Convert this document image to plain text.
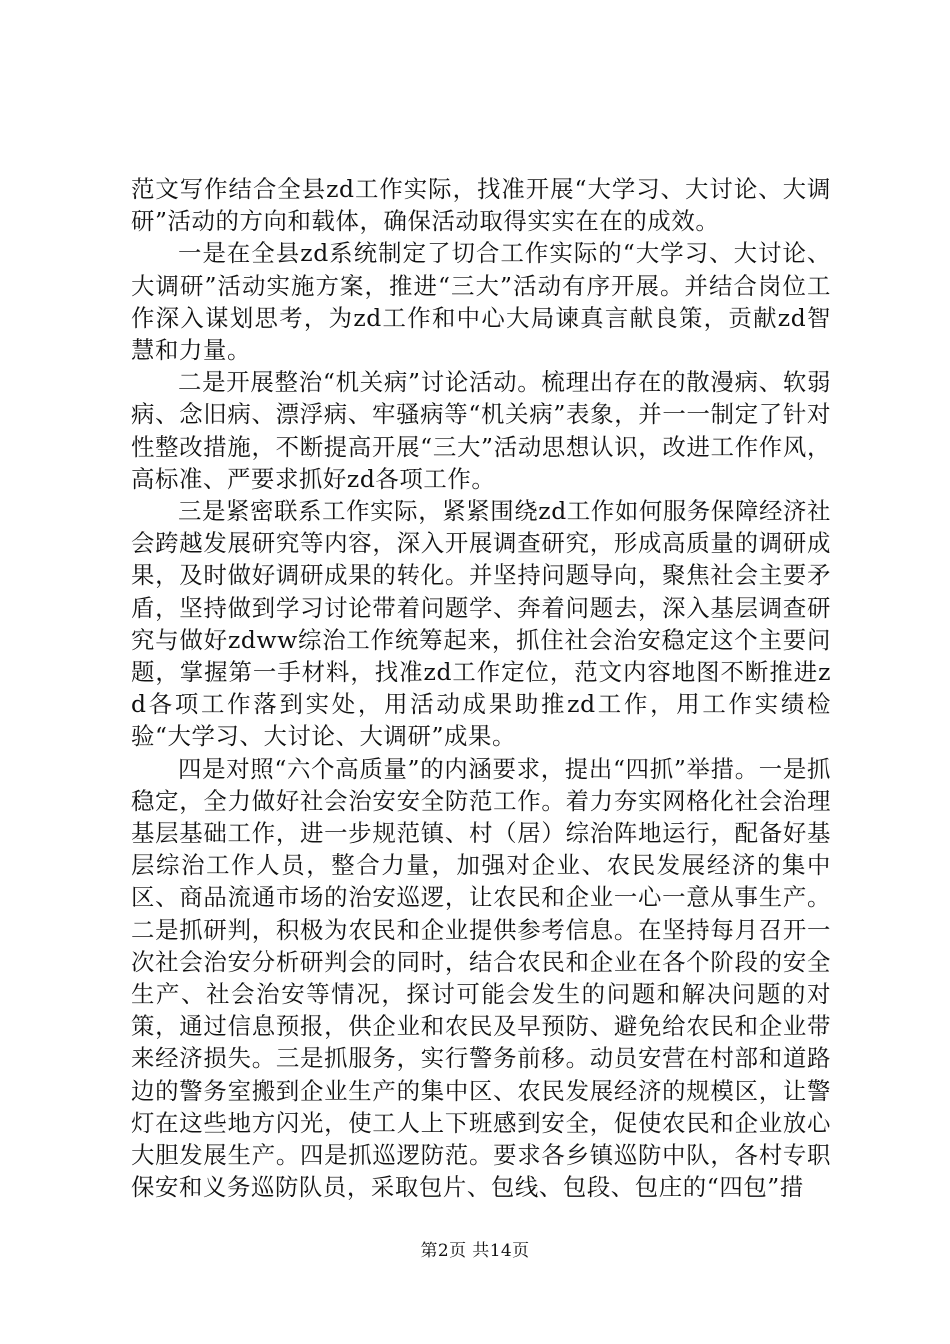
范文写作结合全县zd工作实际，找准开展“大学习、大讨论、大调研”活动的方向和载体，确保活动取得实实在在的成效。

一是在全县zd系统制定了切合工作实际的“大学习、大讨论、大调研”活动实施方案，推进“三大”活动有序开展。并结合岗位工作深入谋划思考，为zd工作和中心大局谏真言献良策，贡献zd智慧和力量。

二是开展整治“机关病”讨论活动。梳理出存在的散漫病、软弱病、念旧病、漂浮病、牢骚病等“机关病”表象，并一一制定了针对性整改措施，不断提高开展“三大”活动思想认识，改进工作作风，高标准、严要求抓好zd各项工作。

三是紧密联系工作实际，紧紧围绕zd工作如何服务保障经济社会跨越发展研究等内容，深入开展调查研究，形成高质量的调研成果，及时做好调研成果的转化。并坚持问题导向，聚焦社会主要矛盾，坚持做到学习讨论带着问题学、奔着问题去，深入基层调查研究与做好zdww综治工作统筹起来，抓住社会治安稳定这个主要问题，掌握第一手材料，找准zd工作定位，范文内容地图不断推进zd各项工作落到实处，用活动成果助推zd工作，用工作实绩检验“大学习、大讨论、大调研”成果。

四是对照“六个高质量”的内涵要求，提出“四抓”举措。一是抓稳定，全力做好社会治安安全防范工作。着力夯实网格化社会治理基层基础工作，进一步规范镇、村（居）综治阵地运行，配备好基层综治工作人员，整合力量，加强对企业、农民发展经济的集中区、商品流通市场的治安巡逻，让农民和企业一心一意从事生产。二是抓研判，积极为农民和企业提供参考信息。在坚持每月召开一次社会治安分析研判会的同时，结合农民和企业在各个阶段的安全生产、社会治安等情况，探讨可能会发生的问题和解决问题的对策，通过信息预报，供企业和农民及早预防、避免给农民和企业带来经济损失。三是抓服务，实行警务前移。动员安营在村部和道路边的警务室搬到企业生产的集中区、农民发展经济的规模区，让警灯在这些地方闪光，使工人上下班感到安全，促使农民和企业放心大胆发展生产。四是抓巡逻防范。要求各乡镇巡防中队，各村专职保安和义务巡防队员，采取包片、包线、包段、包庄的“四包”措

第2页 共14页
